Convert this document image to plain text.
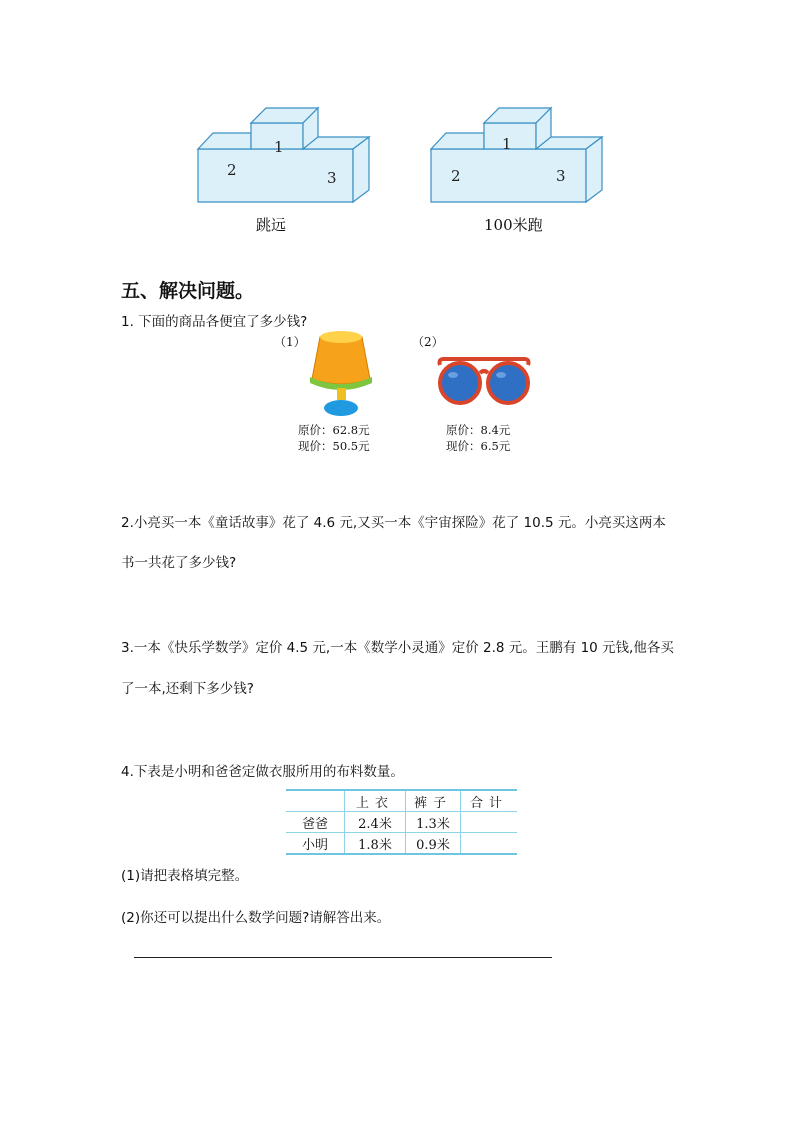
2
1
3
跳远
2
1
3
100米跑
五、解决问题。
1. 下面的商品各便宜了多少钱?
（1）
原价：62.8元
现价：50.5元
（2）
原价：8.4元
现价：6.5元
2.小亮买一本《童话故事》花了 4.6 元,又买一本《宇宙探险》花了 10.5 元。小亮买这两本
书一共花了多少钱?
3.一本《快乐学数学》定价 4.5 元,一本《数学小灵通》定价 2.8 元。王鹏有 10 元钱,他各买
了一本,还剩下多少钱?
4.下表是小明和爸爸定做衣服所用的布料数量。
	上衣	裤子	合计
爸爸	2.4米	1.3米	
小明	1.8米	0.9米	
(1)请把表格填完整。
(2)你还可以提出什么数学问题?请解答出来。
